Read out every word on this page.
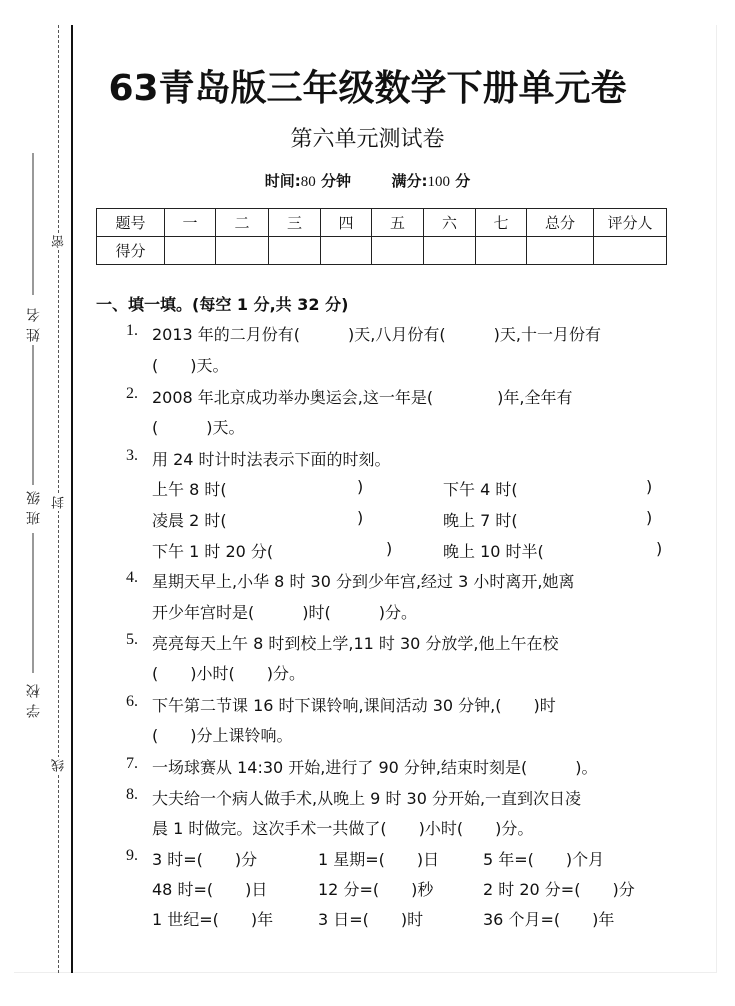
姓名
班级
学校
密
封
线
63青岛版三年级数学下册单元卷
第六单元测试卷
时间:80 分钟	满分:100 分
题号	一	二	三	四	五	六	七	总分	评分人
得分									
一、填一填。(每空 1 分,共 32 分)
1. 2013 年的二月份有(　　　)天,八月份有(　　　)天,十一月份有
(　　)天。
2. 2008 年北京成功举办奥运会,这一年是(　　　　)年,全年有
(　　　)天。
3. 用 24 时计时法表示下面的时刻。
上午 8 时(	)	下午 4 时(	)
凌晨 2 时(	)	晚上 7 时(	)
下午 1 时 20 分(	)	晚上 10 时半(	)
4. 星期天早上,小华 8 时 30 分到少年宫,经过 3 小时离开,她离
开少年宫时是(　　　)时(　　　)分。
5. 亮亮每天上午 8 时到校上学,11 时 30 分放学,他上午在校
(　　)小时(　　)分。
6. 下午第二节课 16 时下课铃响,课间活动 30 分钟,(　　)时
(　　)分上课铃响。
7. 一场球赛从 14:30 开始,进行了 90 分钟,结束时刻是(　　　)。
8. 大夫给一个病人做手术,从晚上 9 时 30 分开始,一直到次日凌
晨 1 时做完。这次手术一共做了(　　)小时(　　)分。
9. 3 时=(　　)分	1 星期=(　　)日	5 年=(　　)个月
48 时=(　　)日	12 分=(　　)秒	2 时 20 分=(　　)分
1 世纪=(　　)年	3 日=(　　)时	36 个月=(　　)年
